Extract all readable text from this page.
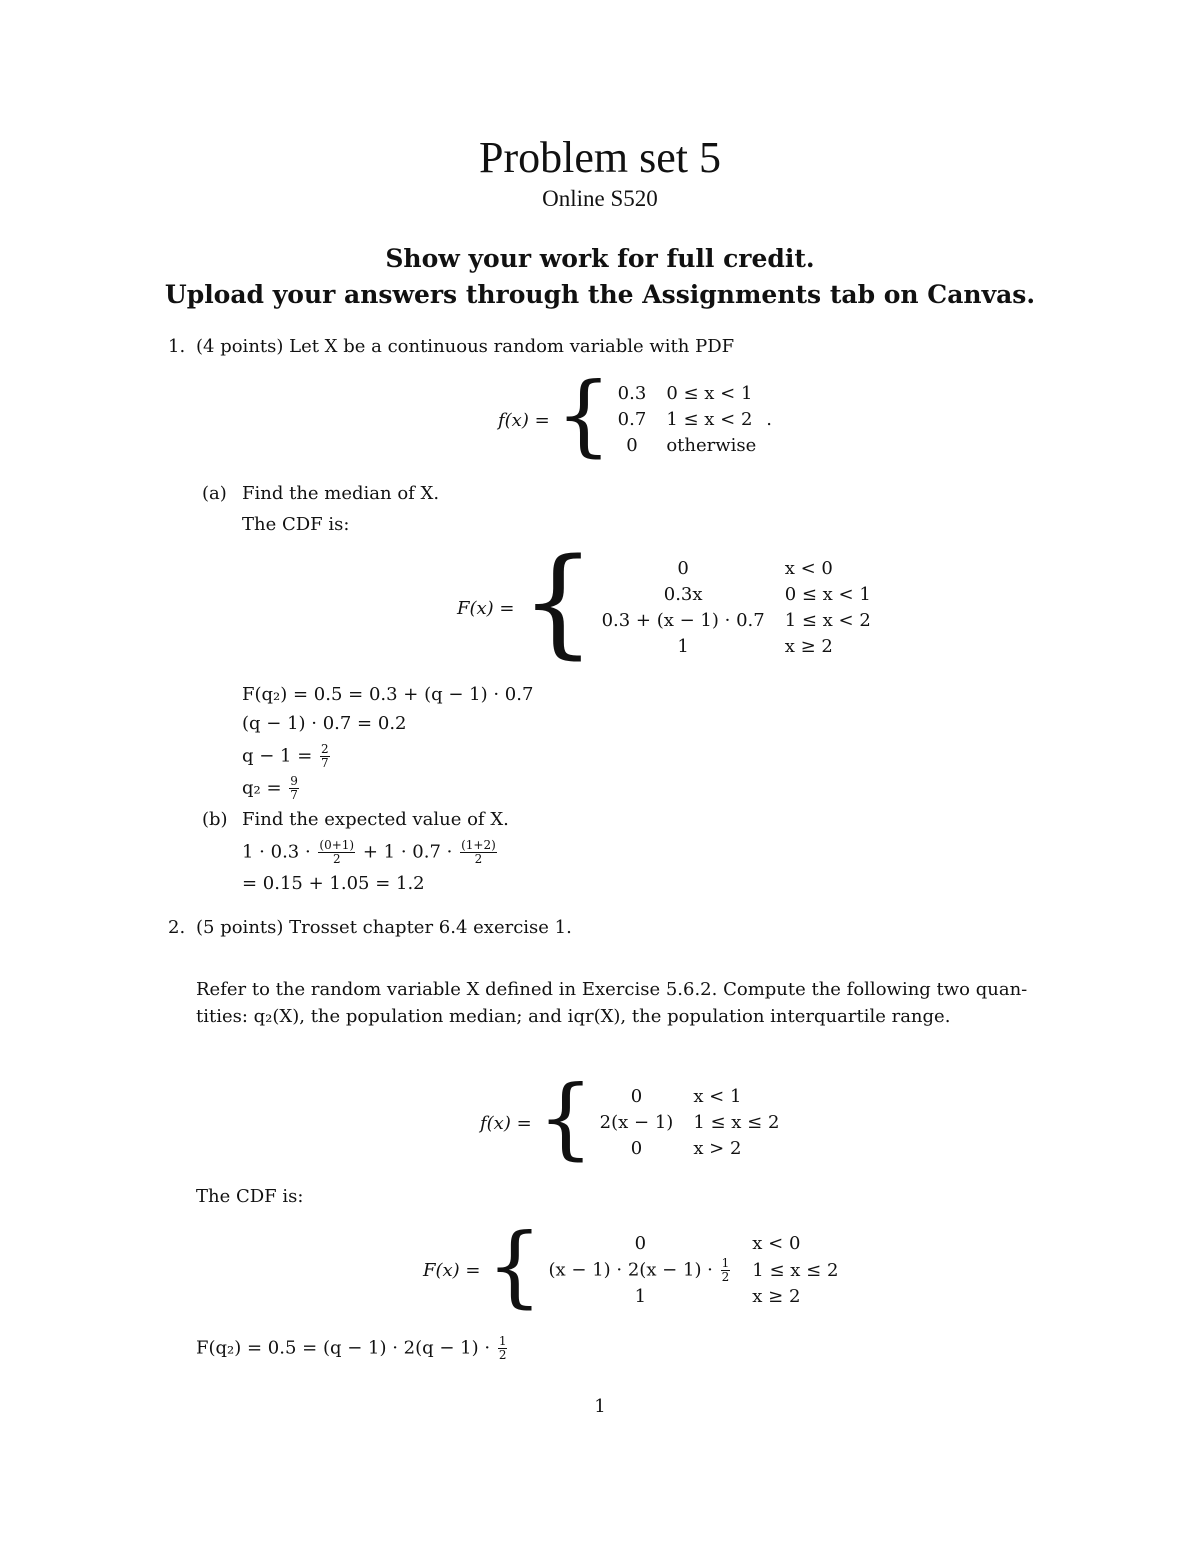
Problem set 5
Online S520
Show your work for full credit.
Upload your answers through the Assignments tab on Canvas.
1. (4 points) Let X be a continuous random variable with PDF
f(x) = { 0.3	0 ≤ x < 1
0.7	1 ≤ x < 2
0	otherwise
.
(a) Find the median of X.
The CDF is:
F(x) = {	0	x < 0
0.3x	0 ≤ x < 1
0.3 + (x − 1) · 0.7	1 ≤ x < 2
1	x ≥ 2
F(q₂) = 0.5 = 0.3 + (q − 1) · 0.7
(q − 1) · 0.7 = 0.2
$q - 1 = \frac{2}{7}$
$q_2 = \frac{9}{7}$
(b) Find the expected value of X.
$1 \cdot 0.3 \cdot \frac{(0+1)}{2} + 1 \cdot 0.7 \cdot \frac{(1+2)}{2}$
= 0.15 + 1.05 = 1.2
2. (5 points) Trosset chapter 6.4 exercise 1.
Refer to the random variable X defined in Exercise 5.6.2. Compute the following two quan-
tities: q₂(X), the population median; and iqr(X), the population interquartile range.
f(x) = { 0	x < 1
2(x − 1)	1 ≤ x ≤ 2
0	x > 2
The CDF is:
F(x) = {	0	x < 0
$(x - 1) \cdot 2(x - 1) \cdot \frac{1}{2}$	1 ≤ x ≤ 2
1	x ≥ 2
$F(q_2) = 0.5 = (q - 1) \cdot 2(q - 1) \cdot \frac{1}{2}$
1
